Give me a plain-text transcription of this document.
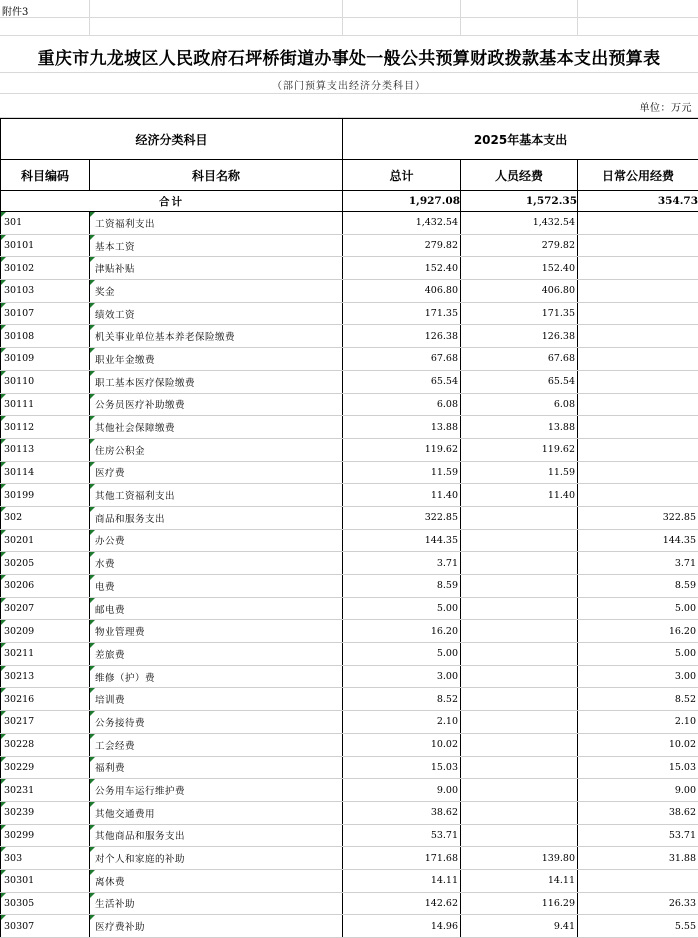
附件3
重庆市九龙坡区人民政府石坪桥街道办事处一般公共预算财政拨款基本支出预算表
（部门预算支出经济分类科目）
单位：万元
经济分类科目		2025年基本支出		
科目编码	科目名称	总计	人员经费	日常公用经费
合计		1,927.08	1,572.35	354.73

301	工资福利支出	1,432.54	1,432.54	

30101	基本工资	279.82	279.82	

30102	津贴补贴	152.40	152.40	

30103	奖金	406.80	406.80	

30107	绩效工资	171.35	171.35	

30108	机关事业单位基本养老保险缴费	126.38	126.38	

30109	职业年金缴费	67.68	67.68	

30110	职工基本医疗保险缴费	65.54	65.54	

30111	公务员医疗补助缴费	6.08	6.08	

30112	其他社会保障缴费	13.88	13.88	

30113	住房公积金	119.62	119.62	

30114	医疗费	11.59	11.59	

30199	其他工资福利支出	11.40	11.40	

302	商品和服务支出	322.85		322.85

30201	办公费	144.35		144.35

30205	水费	3.71		3.71

30206	电费	8.59		8.59

30207	邮电费	5.00		5.00

30209	物业管理费	16.20		16.20

30211	差旅费	5.00		5.00

30213	维修（护）费	3.00		3.00

30216	培训费	8.52		8.52

30217	公务接待费	2.10		2.10

30228	工会经费	10.02		10.02

30229	福利费	15.03		15.03

30231	公务用车运行维护费	9.00		9.00

30239	其他交通费用	38.62		38.62

30299	其他商品和服务支出	53.71		53.71

303	对个人和家庭的补助	171.68	139.80	31.88

30301	离休费	14.11	14.11	

30305	生活补助	142.62	116.29	26.33

30307	医疗费补助	14.96	9.41	5.55
